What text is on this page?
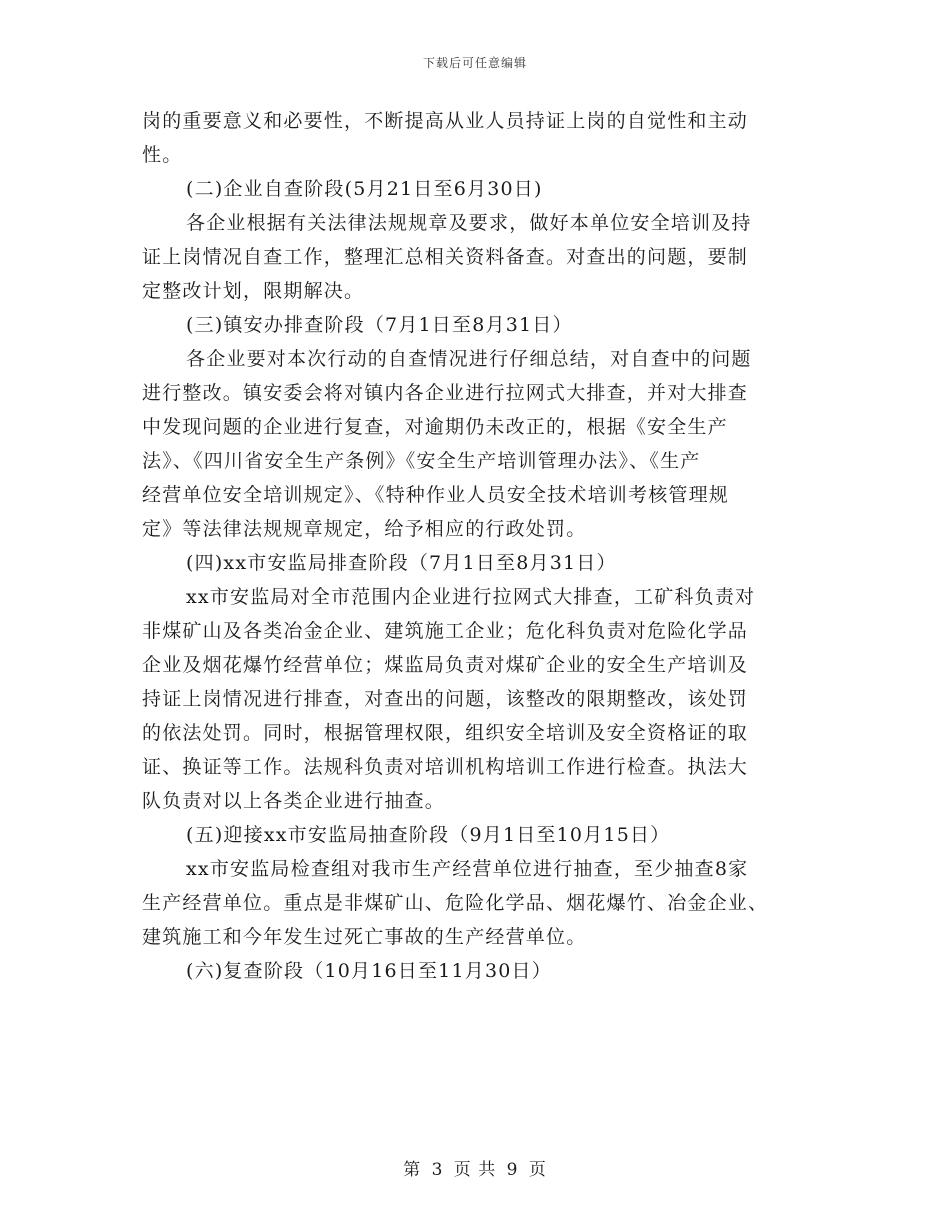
下载后可任意编辑
岗的重要意义和必要性，不断提高从业人员持证上岗的自觉性和主动
性。
(二)企业自查阶段(5月21日至6月30日)
各企业根据有关法律法规规章及要求，做好本单位安全培训及持
证上岗情况自查工作，整理汇总相关资料备查。对查出的问题，要制
定整改计划，限期解决。
(三)镇安办排查阶段（7月1日至8月31日）
各企业要对本次行动的自查情况进行仔细总结，对自查中的问题
进行整改。镇安委会将对镇内各企业进行拉网式大排查，并对大排查
中发现问题的企业进行复查，对逾期仍未改正的，根据《安全生产
法》、《四川省安全生产条例》《安全生产培训管理办法》、《生产
经营单位安全培训规定》、《特种作业人员安全技术培训考核管理规
定》等法律法规规章规定，给予相应的行政处罚。
(四)xx市安监局排查阶段（7月1日至8月31日）
xx市安监局对全市范围内企业进行拉网式大排查，工矿科负责对
非煤矿山及各类冶金企业、建筑施工企业；危化科负责对危险化学品
企业及烟花爆竹经营单位；煤监局负责对煤矿企业的安全生产培训及
持证上岗情况进行排查，对查出的问题，该整改的限期整改，该处罚
的依法处罚。同时，根据管理权限，组织安全培训及安全资格证的取
证、换证等工作。法规科负责对培训机构培训工作进行检查。执法大
队负责对以上各类企业进行抽查。
(五)迎接xx市安监局抽查阶段（9月1日至10月15日）
xx市安监局检查组对我市生产经营单位进行抽查，至少抽查8家
生产经营单位。重点是非煤矿山、危险化学品、烟花爆竹、冶金企业、
建筑施工和今年发生过死亡事故的生产经营单位。
(六)复查阶段（10月16日至11月30日）
第 3 页 共 9 页
